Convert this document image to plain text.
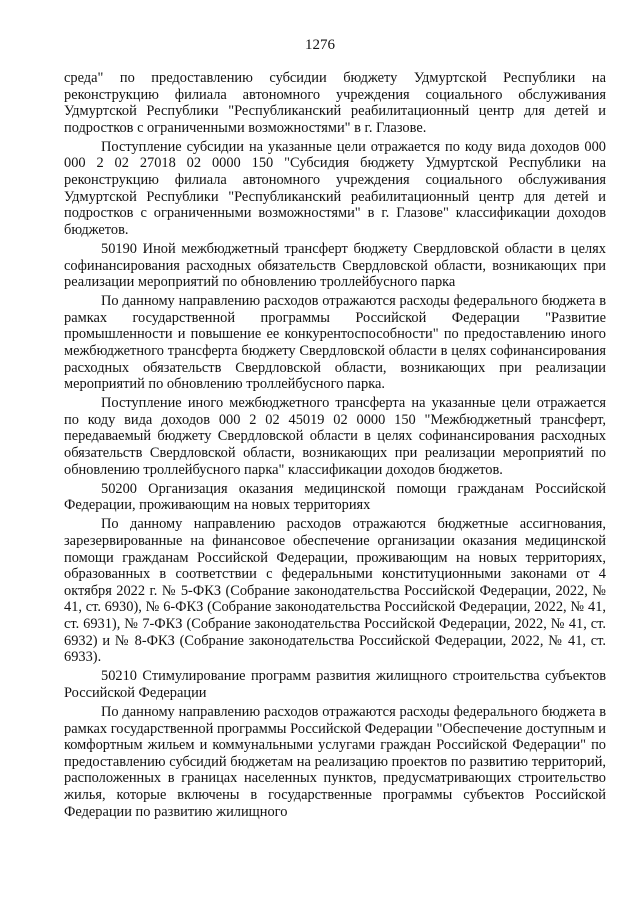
1276

среда" по предоставлению субсидии бюджету Удмуртской Республики на реконструкцию филиала автономного учреждения социального обслуживания Удмуртской Республики "Республиканский реабилитационный центр для детей и подростков с ограниченными возможностями" в г. Глазове.

Поступление субсидии на указанные цели отражается по коду вида доходов 000 000 2 02 27018 02 0000 150 "Субсидия бюджету Удмуртской Республики на реконструкцию филиала автономного учреждения социального обслуживания Удмуртской Республики "Республиканский реабилитационный центр для детей и подростков с ограниченными возможностями" в г. Глазове" классификации доходов бюджетов.

50190 Иной межбюджетный трансферт бюджету Свердловской области в целях софинансирования расходных обязательств Свердловской области, возникающих при реализации мероприятий по обновлению троллейбусного парка

По данному направлению расходов отражаются расходы федерального бюджета в рамках государственной программы Российской Федерации "Развитие промышленности и повышение ее конкурентоспособности" по предоставлению иного межбюджетного трансферта бюджету Свердловской области в целях софинансирования расходных обязательств Свердловской области, возникающих при реализации мероприятий по обновлению троллейбусного парка.

Поступление иного межбюджетного трансферта на указанные цели отражается по коду вида доходов 000 2 02 45019 02 0000 150 "Межбюджетный трансферт, передаваемый бюджету Свердловской области в целях софинансирования расходных обязательств Свердловской области, возникающих при реализации мероприятий по обновлению троллейбусного парка" классификации доходов бюджетов.

50200 Организация оказания медицинской помощи гражданам Российской Федерации, проживающим на новых территориях

По данному направлению расходов отражаются бюджетные ассигнования, зарезервированные на финансовое обеспечение организации оказания медицинской помощи гражданам Российской Федерации, проживающим на новых территориях, образованных в соответствии с федеральными конституционными законами от 4 октября 2022 г. № 5-ФКЗ (Собрание законодательства Российской Федерации, 2022, № 41, ст. 6930), № 6-ФКЗ (Собрание законодательства Российской Федерации, 2022, № 41, ст. 6931), № 7-ФКЗ (Собрание законодательства Российской Федерации, 2022, № 41, ст. 6932) и № 8-ФКЗ (Собрание законодательства Российской Федерации, 2022, № 41, ст. 6933).

50210 Стимулирование программ развития жилищного строительства субъектов Российской Федерации

По данному направлению расходов отражаются расходы федерального бюджета в рамках государственной программы Российской Федерации "Обеспечение доступным и комфортным жильем и коммунальными услугами граждан Российской Федерации" по предоставлению субсидий бюджетам на реализацию проектов по развитию территорий, расположенных в границах населенных пунктов, предусматривающих строительство жилья, которые включены в государственные программы субъектов Российской Федерации по развитию жилищного
